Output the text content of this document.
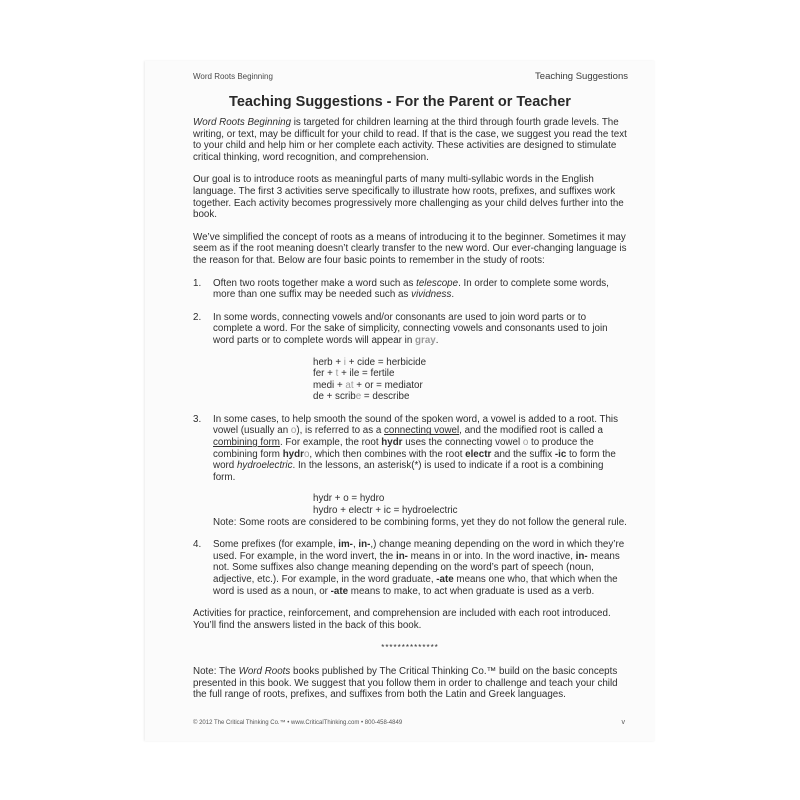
Word Roots Beginning	Teaching Suggestions
Teaching Suggestions - For the Parent or Teacher

Word Roots Beginning is targeted for children learning at the third through fourth grade levels. The writing, or text, may be difficult for your child to read. If that is the case, we suggest you read the text to your child and help him or her complete each activity. These activities are designed to stimulate critical thinking, word recognition, and comprehension.

Our goal is to introduce roots as meaningful parts of many multi-syllabic words in the English language. The first 3 activities serve specifically to illustrate how roots, prefixes, and suffixes work together. Each activity becomes progressively more challenging as your child delves further into the book.

We’ve simplified the concept of roots as a means of introducing it to the beginner. Sometimes it may seem as if the root meaning doesn’t clearly transfer to the new word. Our ever-changing language is the reason for that. Below are four basic points to remember in the study of roots:

1. Often two roots together make a word such as telescope. In order to complete some words, more than one suffix may be needed such as vividness.
2. In some words, connecting vowels and/or consonants are used to join word parts or to complete a word. For the sake of simplicity, connecting vowels and consonants used to join word parts or to complete words will appear in gray.
herb + i + cide = herbicide
fer + t + ile = fertile
medi + at + or = mediator
de + scribe = describe
3. In some cases, to help smooth the sound of the spoken word, a vowel is added to a root. This vowel (usually an o), is referred to as a connecting vowel, and the modified root is called a combining form. For example, the root hydr uses the connecting vowel o to produce the combining form hydro, which then combines with the root electr and the suffix -ic to form the word hydroelectric. In the lessons, an asterisk(*) is used to indicate if a root is a combining form.
hydr + o = hydro
hydro + electr + ic = hydroelectric
Note: Some roots are considered to be combining forms, yet they do not follow the general rule.
4. Some prefixes (for example, im-, in-,) change meaning depending on the word in which they’re used. For example, in the word invert, the in- means in or into. In the word inactive, in- means not. Some suffixes also change meaning depending on the word’s part of speech (noun, adjective, etc.). For example, in the word graduate, -ate means one who, that which when the word is used as a noun, or -ate means to make, to act when graduate is used as a verb.

Activities for practice, reinforcement, and comprehension are included with each root introduced. You’ll find the answers listed in the back of this book.

**************

Note: The Word Roots books published by The Critical Thinking Co.™ build on the basic concepts presented in this book. We suggest that you follow them in order to challenge and teach your child the full range of roots, prefixes, and suffixes from both the Latin and Greek languages.

© 2012 The Critical Thinking Co.™ • www.CriticalThinking.com • 800-458-4849	v
